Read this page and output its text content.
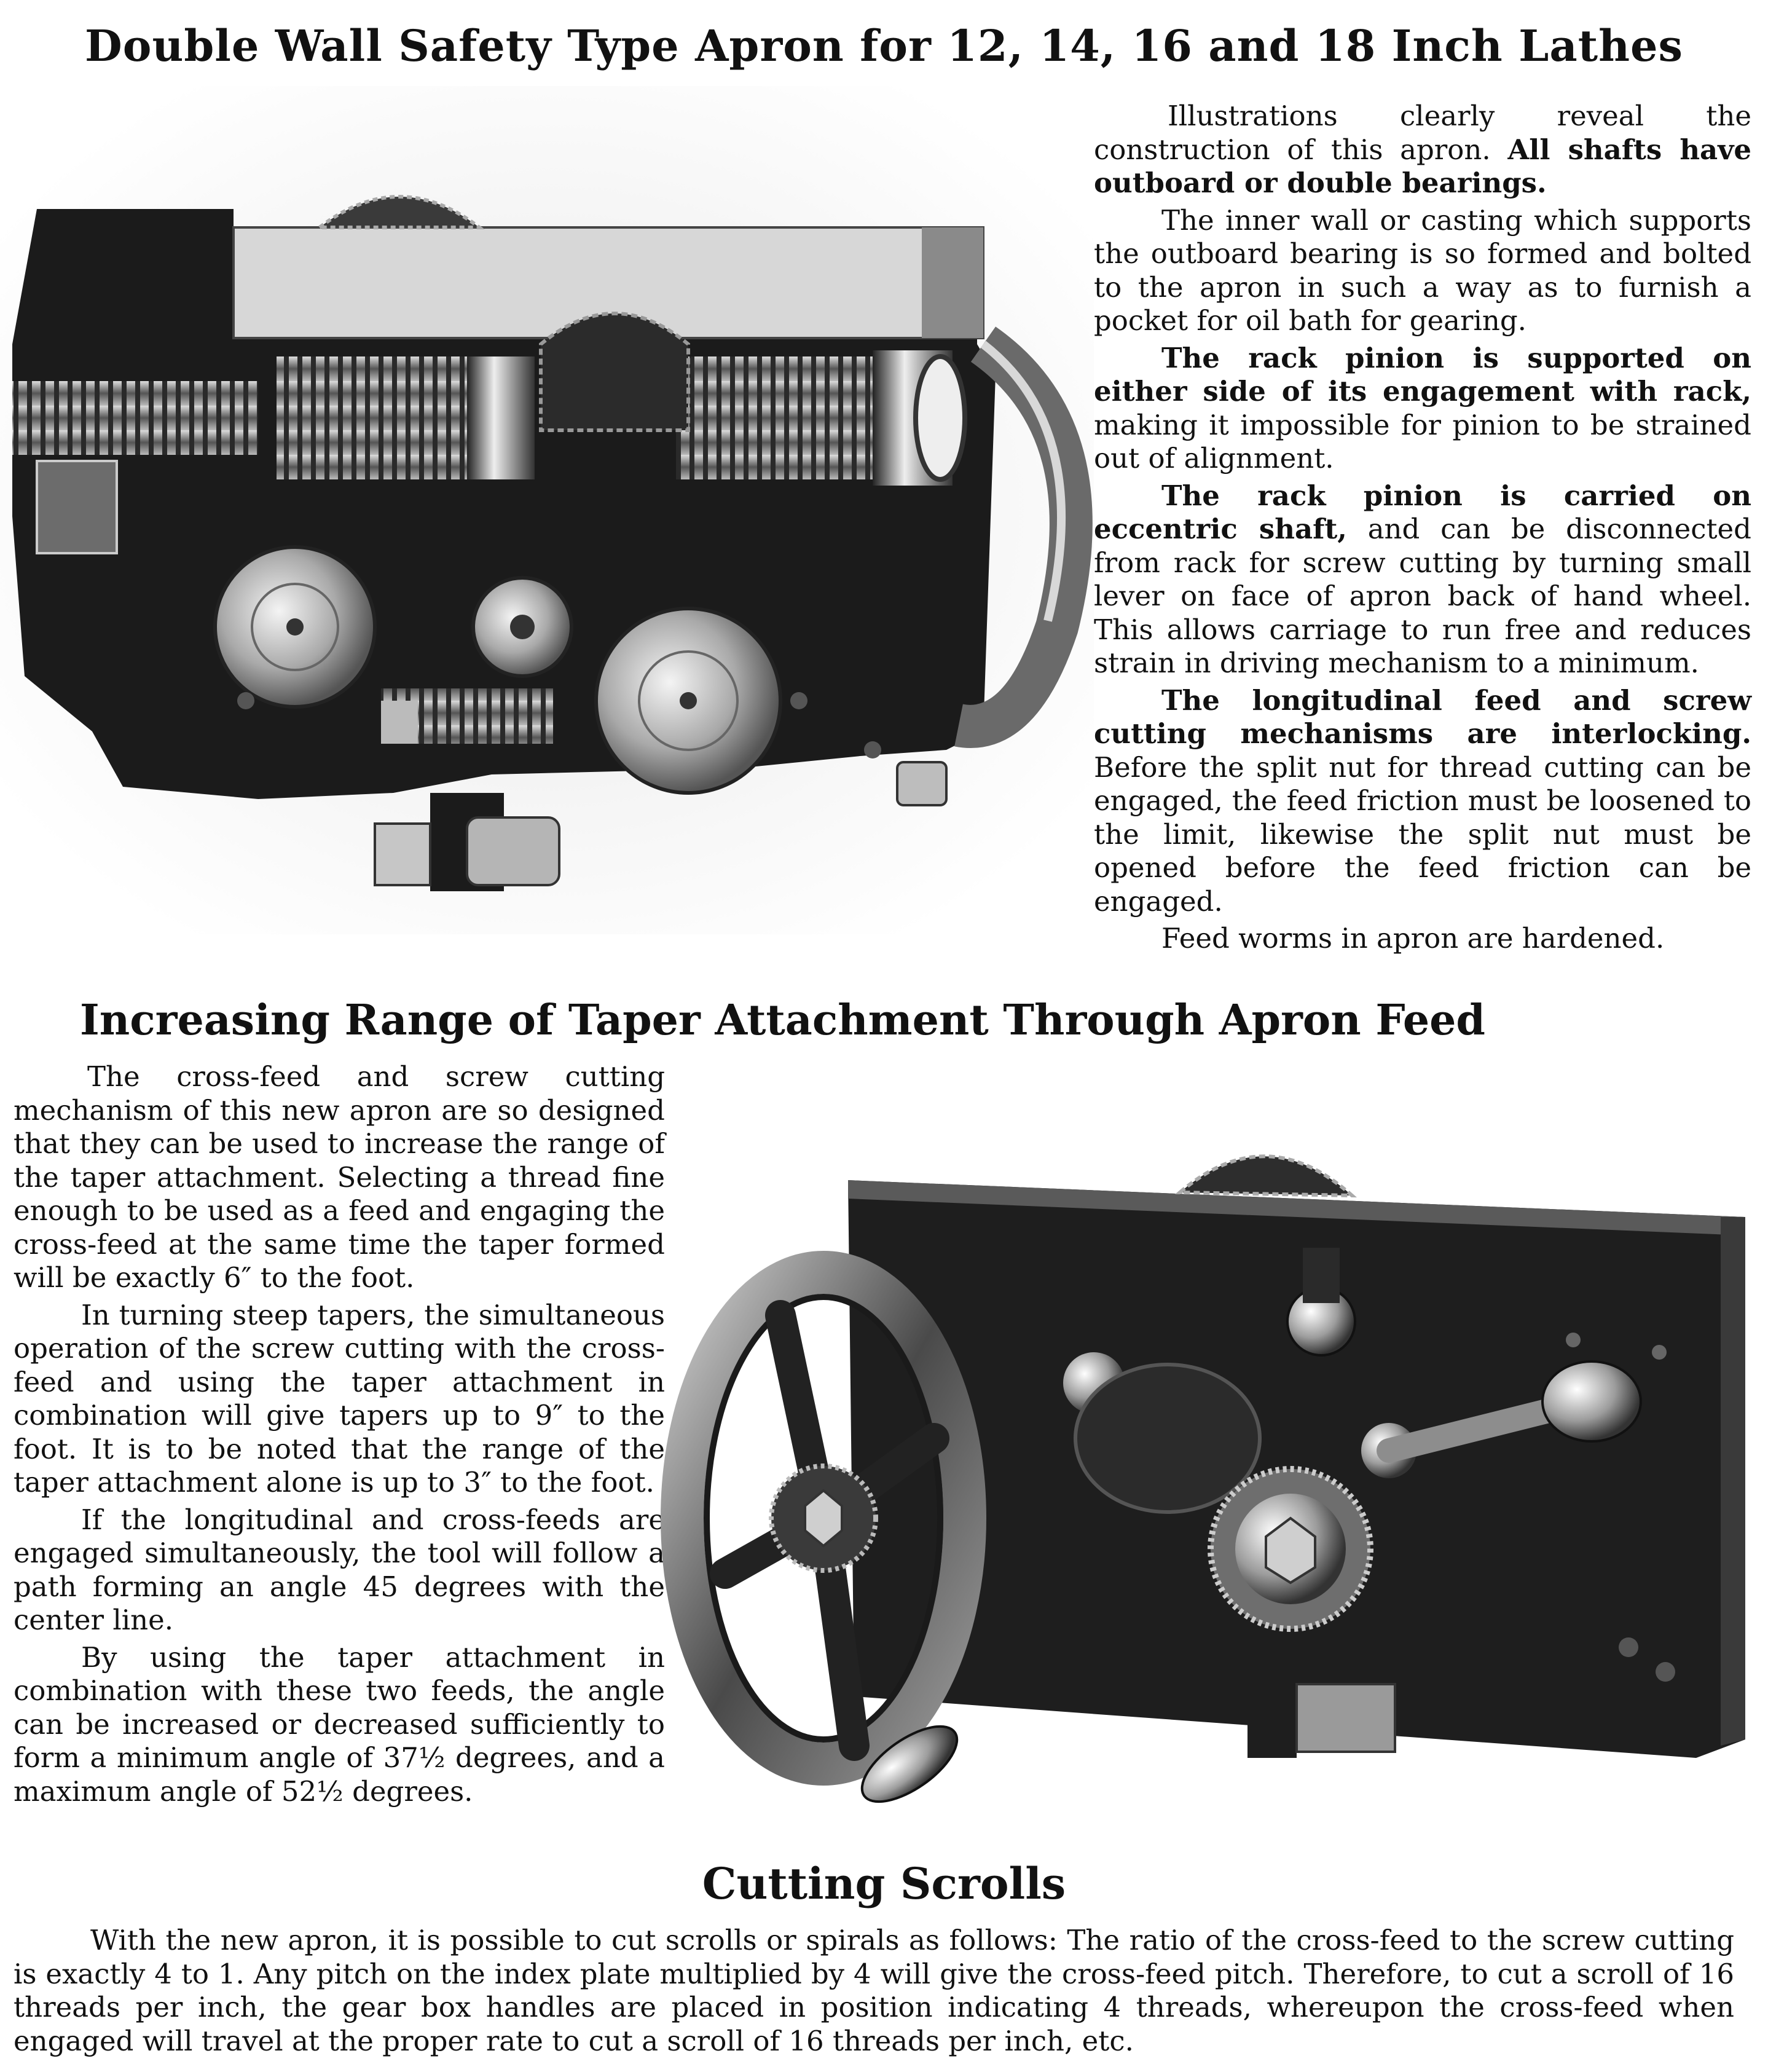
Double Wall Safety Type Apron for 12, 14, 16 and 18 Inch Lathes

Illustrations clearly reveal the construction of this apron. All shafts have outboard or double bearings.

The inner wall or casting which supports the outboard bearing is so formed and bolted to the apron in such a way as to furnish a pocket for oil bath for gearing.

The rack pinion is supported on either side of its engagement with rack, making it impossible for pinion to be strained out of alignment.

The rack pinion is carried on eccentric shaft, and can be disconnected from rack for screw cutting by turning small lever on face of apron back of hand wheel. This allows carriage to run free and reduces strain in driving mechanism to a minimum.

The longitudinal feed and screw cutting mechanisms are interlocking. Before the split nut for thread cutting can be engaged, the feed friction must be loosened to the limit, likewise the split nut must be opened before the feed friction can be engaged.

Feed worms in apron are hardened.

Increasing Range of Taper Attachment Through Apron Feed

The cross-feed and screw cutting mechanism of this new apron are so designed that they can be used to increase the range of the taper attachment. Selecting a thread fine enough to be used as a feed and engaging the cross-feed at the same time the taper formed will be exactly 6″ to the foot.

In turning steep tapers, the simultaneous operation of the screw cutting with the cross-feed and using the taper attachment in combination will give tapers up to 9″ to the foot. It is to be noted that the range of the taper attachment alone is up to 3″ to the foot.

If the longitudinal and cross-feeds are engaged simultaneously, the tool will follow a path forming an angle 45 degrees with the center line.

By using the taper attachment in combination with these two feeds, the angle can be increased or decreased sufficiently to form a minimum angle of 37½ degrees, and a maximum angle of 52½ degrees.

Cutting Scrolls
With the new apron, it is possible to cut scrolls or spirals as follows: The ratio of the cross-feed to the screw cutting is exactly 4 to 1. Any pitch on the index plate multiplied by 4 will give the cross-feed pitch. Therefore, to cut a scroll of 16 threads per inch, the gear box handles are placed in position indicating 4 threads, whereupon the cross-feed when engaged will travel at the proper rate to cut a scroll of 16 threads per inch, etc.
